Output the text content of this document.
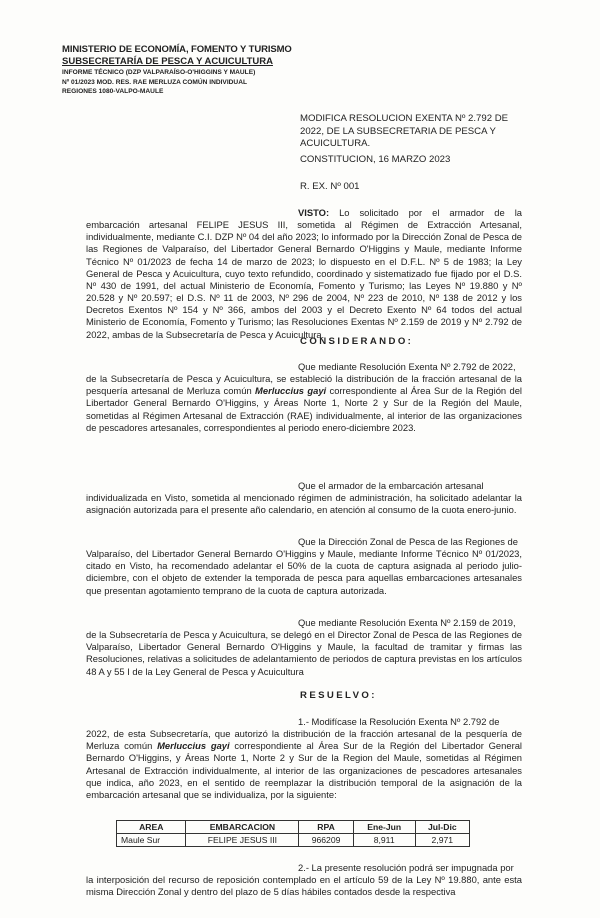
MINISTERIO DE ECONOMÍA, FOMENTO Y TURISMO
SUBSECRETARÍA DE PESCA Y ACUICULTURA
INFORME TÉCNICO (DZP VALPARAÍSO-O'HIGGINS Y MAULE)
Nº 01/2023 MOD. RES. RAE MERLUZA COMÚN INDIVIDUAL
REGIONES 1080-VALPO-MAULE
MODIFICA RESOLUCION EXENTA Nº 2.792 DE 2022, DE LA SUBSECRETARIA DE PESCA Y ACUICULTURA.
CONSTITUCION, 16 MARZO 2023
R. EX. Nº 001
VISTO: Lo solicitado por el armador de la embarcación artesanal FELIPE JESUS III, sometida al Régimen de Extracción Artesanal, individualmente, mediante C.I. DZP Nº 04 del año 2023; lo informado por la Dirección Zonal de Pesca de las Regiones de Valparaíso, del Libertador General Bernardo O'Higgins y Maule, mediante Informe Técnico Nº 01/2023 de fecha 14 de marzo de 2023; lo dispuesto en el D.F.L. Nº 5 de 1983; la Ley General de Pesca y Acuicultura, cuyo texto refundido, coordinado y sistematizado fue fijado por el D.S. Nº 430 de 1991, del actual Ministerio de Economía, Fomento y Turismo; las Leyes Nº 19.880 y Nº 20.528 y Nº 20.597; el D.S. Nº 11 de 2003, Nº 296 de 2004, Nº 223 de 2010, Nº 138 de 2012 y los Decretos Exentos Nº 154 y Nº 366, ambos del 2003 y el Decreto Exento Nº 64 todos del actual Ministerio de Economía, Fomento y Turismo; las Resoluciones Exentas Nº 2.159 de 2019 y Nº 2.792 de 2022, ambas de la Subsecretaría de Pesca y Acuicultura.
CONSIDERANDO:
Que mediante Resolución Exenta Nº 2.792 de 2022,
de la Subsecretaría de Pesca y Acuicultura, se estableció la distribución de la fracción artesanal de la pesquería artesanal de Merluza común Merluccius gayi correspondiente al Área Sur de la Región del Libertador General Bernardo O'Higgins, y Áreas Norte 1, Norte 2 y Sur de la Región del Maule, sometidas al Régimen Artesanal de Extracción (RAE) individualmente, al interior de las organizaciones de pescadores artesanales, correspondientes al periodo enero-diciembre 2023.
Que el armador de la embarcación artesanal
individualizada en Visto, sometida al mencionado régimen de administración, ha solicitado adelantar la asignación autorizada para el presente año calendario, en atención al consumo de la cuota enero-junio.
Que la Dirección Zonal de Pesca de las Regiones de
Valparaíso, del Libertador General Bernardo O'Higgins y Maule, mediante Informe Técnico Nº 01/2023, citado en Visto, ha recomendado adelantar el 50% de la cuota de captura asignada al periodo julio-diciembre, con el objeto de extender la temporada de pesca para aquellas embarcaciones artesanales que presentan agotamiento temprano de la cuota de captura autorizada.
Que mediante Resolución Exenta Nº 2.159 de 2019,
de la Subsecretaría de Pesca y Acuicultura, se delegó en el Director Zonal de Pesca de las Regiones de Valparaíso, Libertador General Bernardo O'Higgins y Maule, la facultad de tramitar y firmas las Resoluciones, relativas a solicitudes de adelantamiento de periodos de captura previstas en los artículos 48 A y 55 I de la Ley General de Pesca y Acuicultura
RESUELVO:
1.- Modifícase la Resolución Exenta Nº 2.792 de
2022, de esta Subsecretaría, que autorizó la distribución de la fracción artesanal de la pesquería de Merluza común Merluccius gayi correspondiente al Área Sur de la Región del Libertador General Bernardo O'Higgins, y Áreas Norte 1, Norte 2 y Sur de la Region del Maule, sometidas al Régimen Artesanal de Extracción individualmente, al interior de las organizaciones de pescadores artesanales que indica, año 2023, en el sentido de reemplazar la distribución temporal de la asignación de la embarcación artesanal que se individualiza, por la siguiente:
AREA	EMBARCACION	RPA	Ene-Jun	Jul-Dic
Maule Sur	FELIPE JESUS III	966209	8,911	2,971
2.- La presente resolución podrá ser impugnada por
la interposición del recurso de reposición contemplado en el artículo 59 de la Ley Nº 19.880, ante esta misma Dirección Zonal y dentro del plazo de 5 días hábiles contados desde la respectiva
